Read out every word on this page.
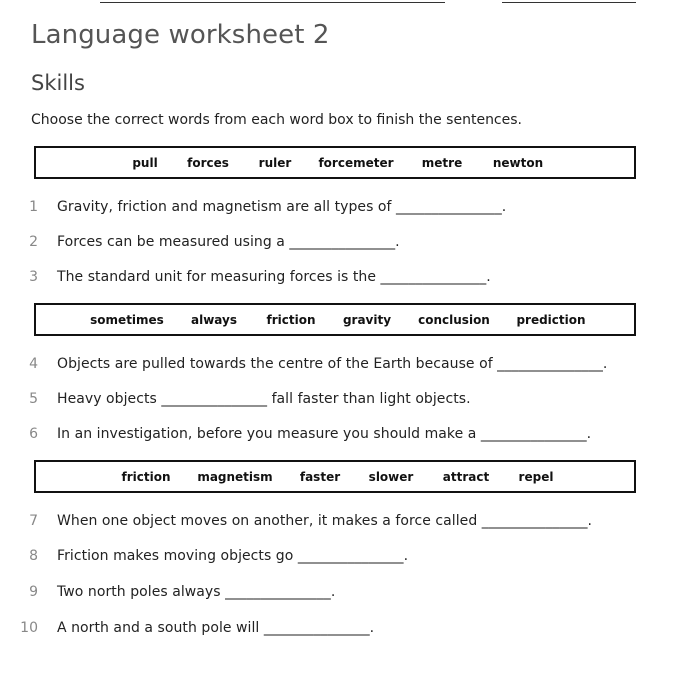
Language worksheet 2
Skills
Choose the correct words from each word box to finish the sentences.
pull forces ruler forcemeter metre	newton
1 Gravity, friction and magnetism are all types of _______________.
2 Forces can be measured using a _______________.
3 The standard unit for measuring forces is the _______________.
sometimes always friction gravity conclusion prediction
4 Objects are pulled towards the centre of the Earth because of _______________.
5 Heavy objects _______________ fall faster than light objects.
6 In an investigation, before you measure you should make a _______________.
friction magnetism faster slower attract repel
7 When one object moves on another, it makes a force called _______________.
8 Friction makes moving objects go _______________.
9 Two north poles always _______________.
10 A north and a south pole will _______________.
